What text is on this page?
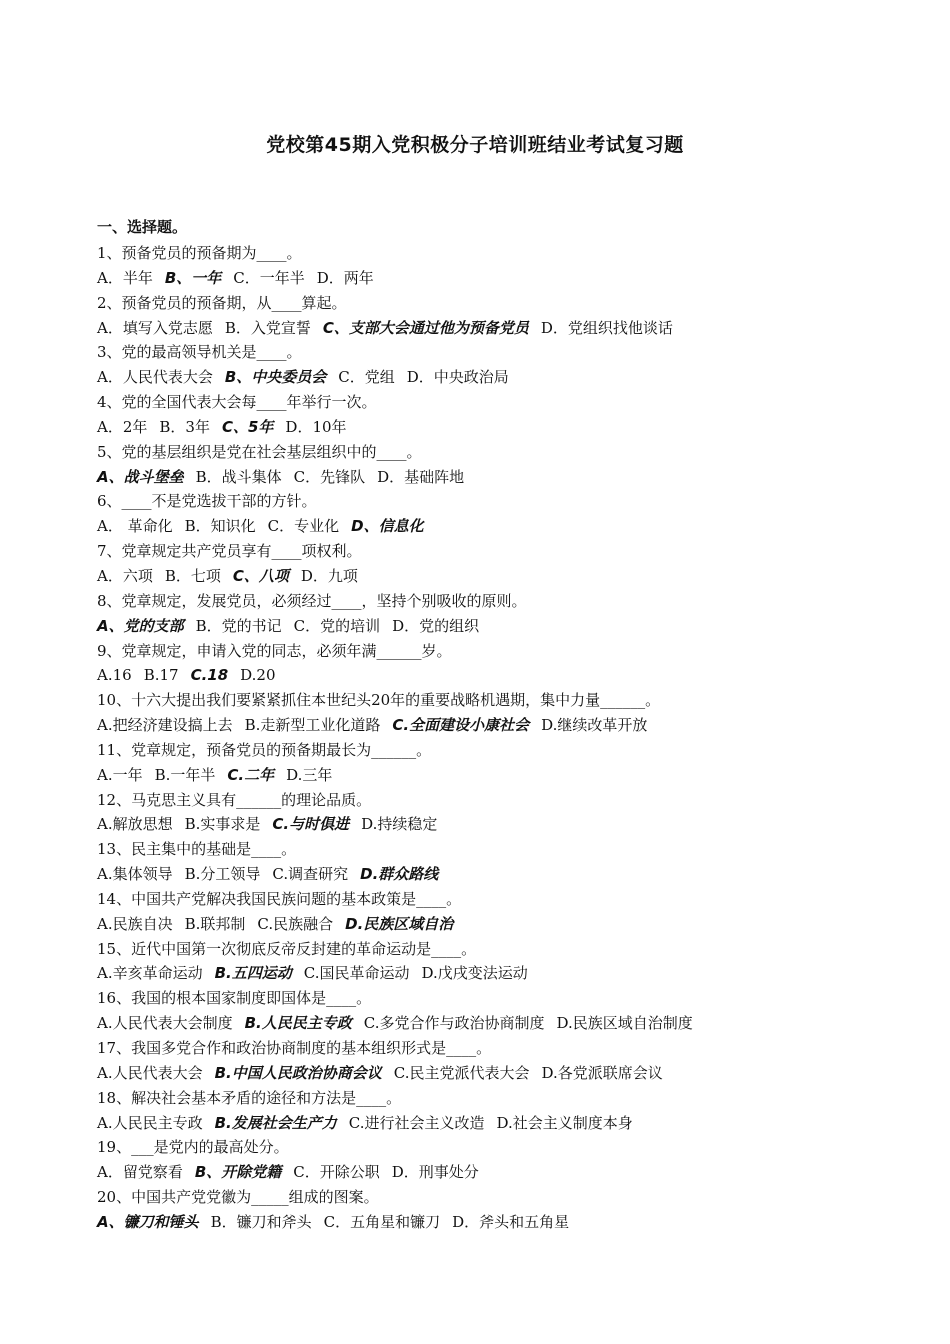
党校第45期入党积极分子培训班结业考试复习题
一、选择题。
1、预备党员的预备期为____。
A．半年 B、一年 C．一年半 D．两年
2、预备党员的预备期，从____算起。
A．填写入党志愿 B．入党宣誓 C、支部大会通过他为预备党员 D．党组织找他谈话
3、党的最高领导机关是____。
A．人民代表大会 B、中央委员会 C．党组 D．中央政治局
4、党的全国代表大会每____年举行一次。
A．2年 B．3年 C、5年 D．10年
5、党的基层组织是党在社会基层组织中的____。
A、战斗堡垒 B．战斗集体 C．先锋队 D．基础阵地
6、____不是党选拔干部的方针。
A． 革命化 B．知识化 C．专业化 D、信息化
7、党章规定共产党员享有____项权利。
A．六项 B．七项 C、八项 D．九项
8、党章规定，发展党员，必须经过____，坚持个别吸收的原则。
A、党的支部 B．党的书记 C．党的培训 D．党的组织
9、党章规定，申请入党的同志，必须年满______岁。
A.16 B.17 C.18 D.20
10、十六大提出我们要紧紧抓住本世纪头20年的重要战略机遇期，集中力量______。
A.把经济建设搞上去 B.走新型工业化道路 C.全面建设小康社会 D.继续改革开放
11、党章规定，预备党员的预备期最长为______。
A.一年 B.一年半 C.二年 D.三年
12、马克思主义具有______的理论品质。
A.解放思想 B.实事求是 C.与时俱进 D.持续稳定
13、民主集中的基础是____。
A.集体领导 B.分工领导 C.调查研究 D.群众路线
14、中国共产党解决我国民族问题的基本政策是____。
A.民族自决 B.联邦制 C.民族融合 D.民族区域自治
15、近代中国第一次彻底反帝反封建的革命运动是____。
A.辛亥革命运动 B.五四运动 C.国民革命运动 D.戊戌变法运动
16、我国的根本国家制度即国体是____。
A.人民代表大会制度 B.人民民主专政 C.多党合作与政治协商制度 D.民族区域自治制度
17、我国多党合作和政治协商制度的基本组织形式是____。
A.人民代表大会 B.中国人民政治协商会议 C.民主党派代表大会 D.各党派联席会议
18、解决社会基本矛盾的途径和方法是____。
A.人民民主专政 B.发展社会生产力 C.进行社会主义改造 D.社会主义制度本身
19、___是党内的最高处分。
A．留党察看 B、开除党籍 C．开除公职 D．刑事处分
20、中国共产党党徽为_____组成的图案。
A、镰刀和锤头 B．镰刀和斧头 C．五角星和镰刀 D．斧头和五角星
